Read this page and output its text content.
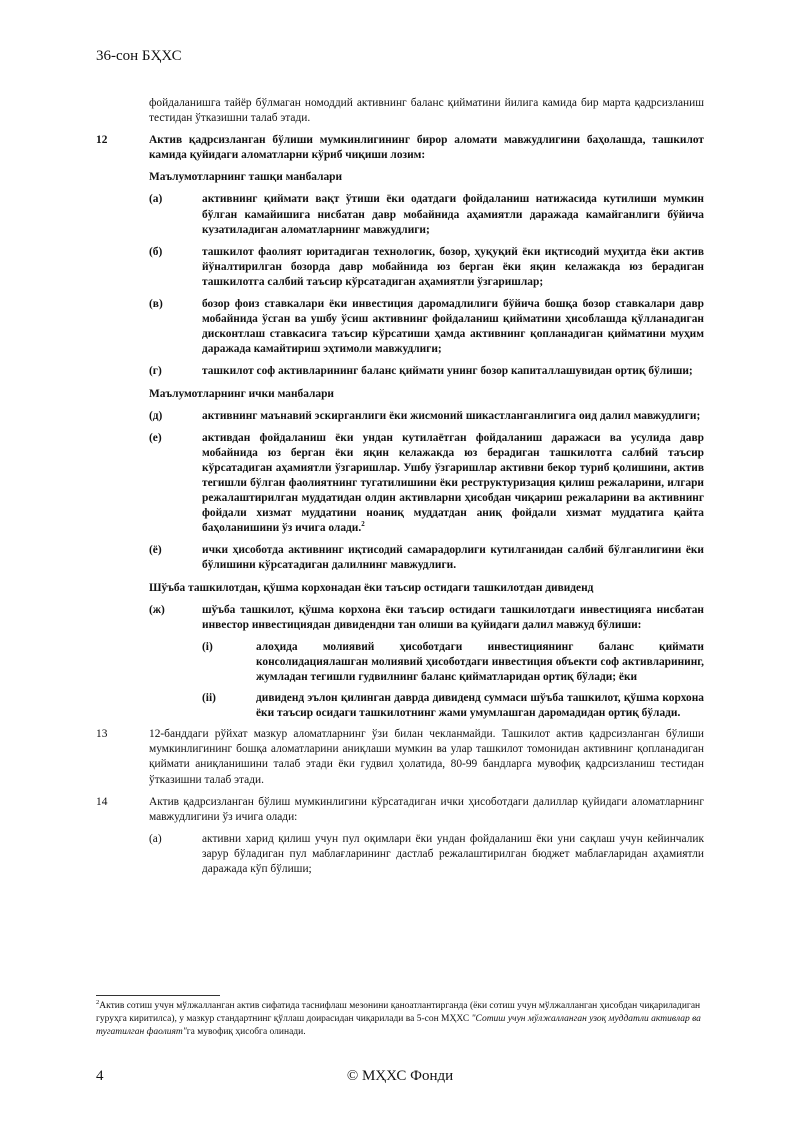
36-сон БҲХС
фойдаланишга тайёр бўлмаган номоддий активнинг баланс қийматини йилига камида бир марта қадрсизланиш тестидан ўтказишни талаб этади.
12	Актив қадрсизланган бўлиши мумкинлигининг бирор аломати мавжудлигини баҳолашда, ташкилот камида қуйидаги аломатларни кўриб чиқиши лозим:
Маълумотларнинг ташқи манбалари
(а)	активнинг қиймати вақт ўтиши ёки одатдаги фойдаланиш натижасида кутилиши мумкин бўлган камайишига нисбатан давр мобайнида аҳамиятли даражада камайганлиги бўйича кузатиладиган аломатларнинг мавжудлиги;
(б)	ташкилот фаолият юритадиган технологик, бозор, ҳуқуқий ёки иқтисодий муҳитда ёки актив йўналтирилган бозорда давр мобайнида юз берган ёки яқин келажакда юз берадиган ташкилотга салбий таъсир кўрсатадиган аҳамиятли ўзгаришлар;
(в)	бозор фоиз ставкалари ёки инвестиция даромадлилиги бўйича бошқа бозор ставкалари давр мобайнида ўсган ва ушбу ўсиш активнинг фойдаланиш қийматини ҳисоблашда қўлланадиган дисконтлаш ставкасига таъсир кўрсатиши ҳамда активнинг қопланадиган қийматини муҳим даражада камайтириш эҳтимоли мавжудлиги;
(г)	ташкилот соф активларининг баланс қиймати унинг бозор капиталлашувидан ортиқ бўлиши;
Маълумотларнинг ички манбалари
(д)	активнинг маънавий эскирганлиги ёки жисмоний шикастланганлигига оид далил мавжудлиги;
(е)	активдан фойдаланиш ёки ундан кутилаётган фойдаланиш даражаси ва усулида давр мобайнида юз берган ёки яқин келажакда юз берадиган ташкилотга салбий таъсир кўрсатадиган аҳамиятли ўзгаришлар. Ушбу ўзгаришлар активни бекор туриб қолишини, актив тегишли бўлган фаолиятнинг тугатилишини ёки реструктуризация қилиш режаларини, илгари режалаштирилган муддатидан олдин активларни ҳисобдан чиқариш режаларини ва активнинг фойдали хизмат муддатини ноаниқ муддатдан аниқ фойдали хизмат муддатига қайта баҳоланишини ўз ичига олади.$^2$
(ё)	ички ҳисоботда активнинг иқтисодий самарадорлиги кутилганидан салбий бўлганлигини ёки бўлишини кўрсатадиган далилнинг мавжудлиги.
Шўъба ташкилотдан, қўшма корхонадан ёки таъсир остидаги ташкилотдан дивиденд
(ж)	шўъба ташкилот, қўшма корхона ёки таъсир остидаги ташкилотдаги инвестицияга нисбатан инвестор инвестициядан дивидендни тан олиши ва қуйидаги далил мавжуд бўлиши:
(i)	алоҳида молиявий ҳисоботдаги инвестициянинг баланс қиймати консолидациялашган молиявий ҳисоботдаги инвестиция объекти соф активларининг, жумладан тегишли гудвилнинг баланс қийматларидан ортиқ бўлади; ёки
(ii)	дивиденд эълон қилинган даврда дивиденд суммаси шўъба ташкилот, қўшма корхона ёки таъсир осидаги ташкилотнинг жами умумлашган даромадидан ортиқ бўлади.
13	12-банддаги рўйхат мазкур аломатларнинг ўзи билан чекланмайди. Ташкилот актив қадрсизланган бўлиши мумкинлигининг бошқа аломатларини аниқлаши мумкин ва улар ташкилот томонидан активнинг қопланадиган қиймати аниқланишини талаб этади ёки гудвил ҳолатида, 80-99 бандларга мувофиқ қадрсизланиш тестидан ўтказишни талаб этади.
14	Актив қадрсизланган бўлиш мумкинлигини кўрсатадиган ички ҳисоботдаги далиллар қуйидаги аломатларнинг мавжудлигини ўз ичига олади:
(а)	активни харид қилиш учун пул оқимлари ёки ундан фойдаланиш ёки уни сақлаш учун кейинчалик зарур бўладиган пул маблағларининг дастлаб режалаштирилган бюджет маблағларидан аҳамиятли даражада кўп бўлиши;
$^2$Актив сотиш учун мўлжалланган актив сифатида таснифлаш мезонини қаноатлантирганда (ёки сотиш учун мўлжалланган ҳисобдан чиқариладиган гуруҳга киритилса), у мазкур стандартнинг қўллаш доирасидан чиқарилади ва 5-сон МҲХС "Сотиш учун мўлжалланган узоқ муддатли активлар ва тугатилган фаолият"га мувофиқ ҳисобга олинади.
© МҲХС Фонди
4
